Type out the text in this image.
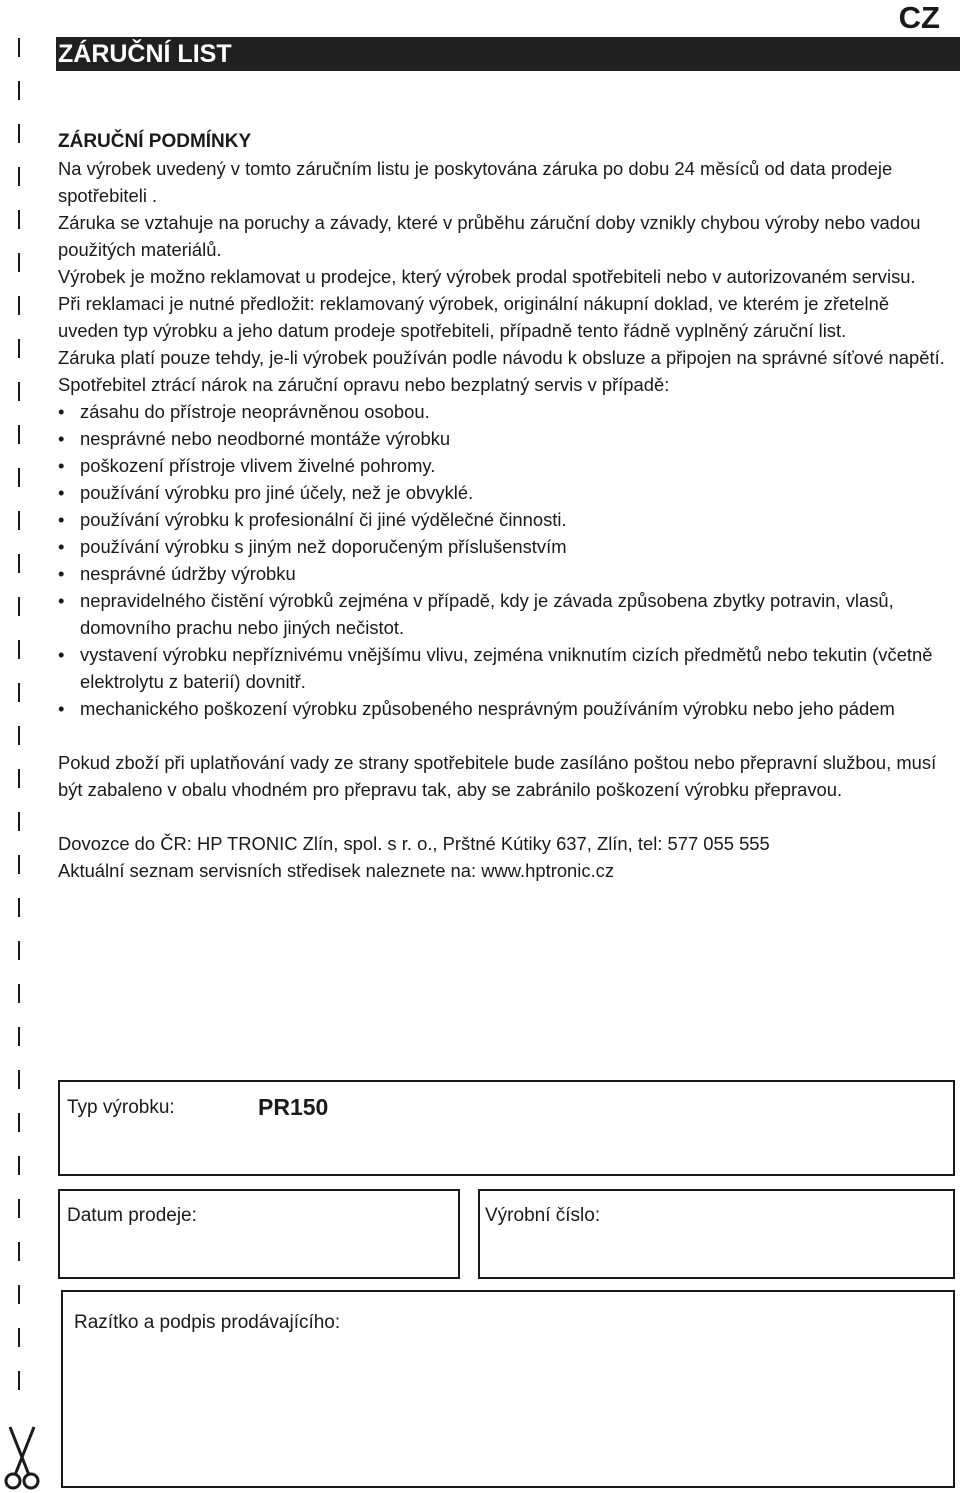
CZ
ZÁRUČNÍ LIST

ZÁRUČNÍ PODMÍNKY

Na výrobek uvedený v tomto záručním listu je poskytována záruka po dobu 24 měsíců od data prodeje spotřebiteli .

Záruka se vztahuje na poruchy a závady, které v průběhu záruční doby vznikly chybou výroby nebo vadou použitých materiálů.

Výrobek je možno reklamovat u prodejce, který výrobek prodal spotřebiteli nebo v autorizovaném servisu.

Při reklamaci je nutné předložit: reklamovaný výrobek, originální nákupní doklad, ve kterém je zřetelně uveden typ výrobku a jeho datum prodeje spotřebiteli, případně tento řádně vyplněný záruční list.

Záruka platí pouze tehdy, je-li výrobek používán podle návodu k obsluze a připojen na správné síťové napětí.

Spotřebitel ztrácí nárok na záruční opravu nebo bezplatný servis v případě:

• zásahu do přístroje neoprávněnou osobou.
• nesprávné nebo neodborné montáže výrobku
• poškození přístroje vlivem živelné pohromy.
• používání výrobku pro jiné účely, než je obvyklé.
• používání výrobku k profesionální či jiné výdělečné činnosti.
• používání výrobku s jiným než doporučeným příslušenstvím
• nesprávné údržby výrobku
• nepravidelného čistění výrobků zejména v případě, kdy je závada způsobena zbytky potravin, vlasů, domovního prachu nebo jiných nečistot.
• vystavení výrobku nepříznivému vnějšímu vlivu, zejména vniknutím cizích předmětů nebo tekutin (včetně elektrolytu z baterií) dovnitř.
• mechanického poškození výrobku způsobeného nesprávným používáním výrobku nebo jeho pádem

Pokud zboží při uplatňování vady ze strany spotřebitele bude zasíláno poštou nebo přepravní službou, musí být zabaleno v obalu vhodném pro přepravu tak, aby se zabránilo poškození výrobku přepravou.

Dovozce do ČR: HP TRONIC Zlín, spol. s r. o., Prštné Kútiky 637, Zlín, tel: 577 055 555

Aktuální seznam servisních středisek naleznete na: www.hptronic.cz

Typ výrobku:	PR150
Datum prodeje:	Výrobní číslo:
Razítko a podpis prodávajícího:
